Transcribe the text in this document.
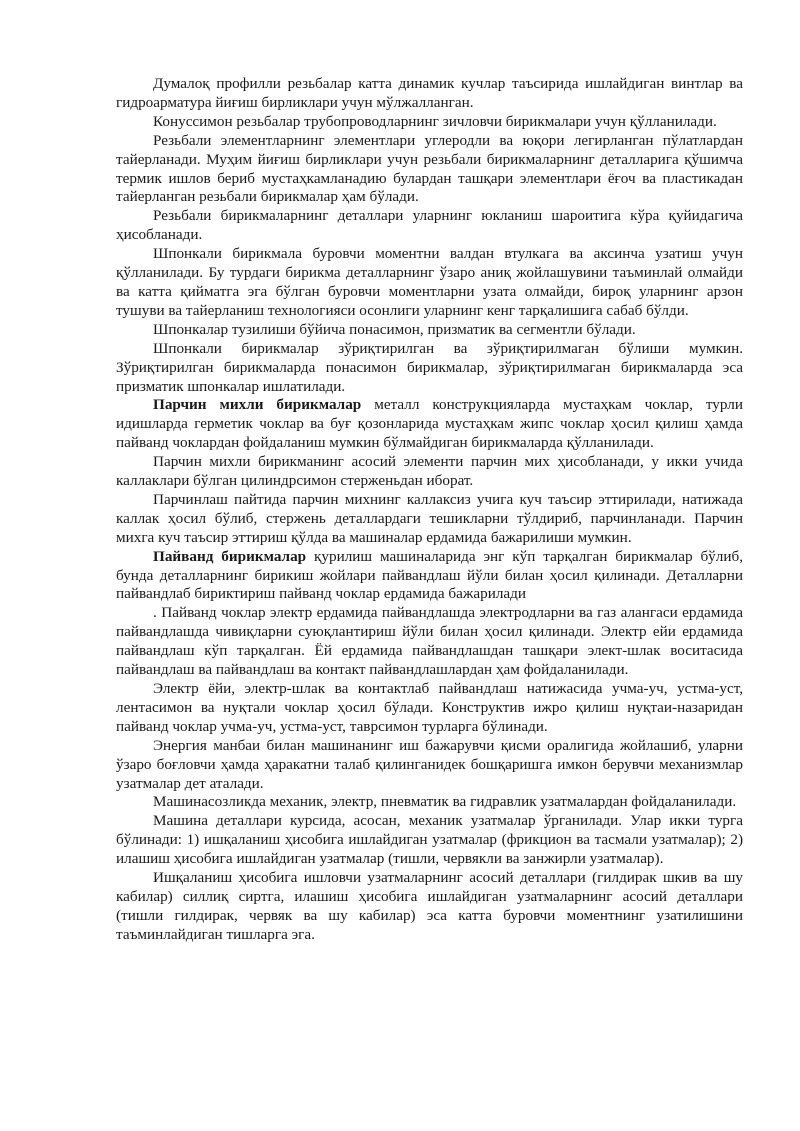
Думалоқ профилли резьбалар катта динамик кучлар таъсирида ишлайдиган винтлар ва гидроарматура йиғиш бирликлари учун мўлжалланган.

Конуссимон резьбалар трубопроводларнинг зичловчи бирикмалари учун қўлланилади.

Резьбали элементларнинг элементлари углеродли ва юқори легирланган пўлатлардан тайерланади. Муҳим йиғиш бирликлари учун резьбали бирикмаларнинг деталларига қўшимча термик ишлов бериб мустаҳкамланадию булардан ташқари элементлари ёғоч ва пластикадан тайерланган резьбали бирикмалар ҳам бўлади.

Резьбали бирикмаларнинг деталлари уларнинг юкланиш шароитига кўра қуйидагича ҳисобланади.

Шпонкали бирикмала буровчи моментни валдан втулкага ва аксинча узатиш учун қўлланилади. Бу турдаги бирикма деталларнинг ўзаро аниқ жойлашувини таъминлай олмайди ва катта қийматга эга бўлган буровчи моментларни узата олмайди, бироқ уларнинг арзон тушуви ва тайерланиш технологияси осонлиги уларнинг кенг тарқалишига сабаб бўлди.

Шпонкалар тузилиши бўйича понасимон, призматик ва сегментли бўлади.

Шпонкали бирикмалар зўриқтирилган ва зўриқтирилмаган бўлиши мумкин. Зўриқтирилган бирикмаларда понасимон бирикмалар, зўриқтирилмаган бирикмаларда эса призматик шпонкалар ишлатилади.

Парчин михли бирикмалар металл конструкцияларда мустаҳкам чоклар, турли идишларда герметик чоклар ва буғ қозонларида мустаҳкам жипс чоклар ҳосил қилиш ҳамда пайванд чоклардан фойдаланиш мумкин бўлмайдиган бирикмаларда қўлланилади.

Парчин михли бирикманинг асосий элементи парчин мих ҳисобланади, у икки учида каллаклари бўлган цилиндрсимон стерженьдан иборат.

Парчинлаш пайтида парчин михнинг каллаксиз учига куч таъсир эттирилади, натижада каллак ҳосил бўлиб, стержень деталлардаги тешикларни тўлдириб, парчинланади. Парчин михга куч таъсир эттириш қўлда ва машиналар ердамида бажарилиши мумкин.

Пайванд бирикмалар қурилиш машиналарида энг кўп тарқалган бирикмалар бўлиб, бунда деталларнинг бирикиш жойлари пайвандлаш йўли билан ҳосил қилинади. Деталларни пайвандлаб бириктириш пайванд чоклар ердамида бажарилади

. Пайванд чоклар электр ердамида пайвандлашда электродларни ва газ алангаси ердамида пайвандлашда чивиқларни суюқлантириш йўли билан ҳосил қилинади. Электр ейи ердамида пайвандлаш кўп тарқалган. Ёй ердамида пайвандлашдан ташқари элект-шлак воситасида пайвандлаш ва пайвандлаш ва контакт пайвандлашлардан ҳам фойдаланилади.

Электр ёйи, электр-шлак ва контактлаб пайвандлаш натижасида учма-уч, устма-уст, лентасимон ва нуқтали чоклар ҳосил бўлади. Конструктив ижро қилиш нуқтаи-назаридан пайванд чоклар учма-уч, устма-уст, таврсимон турларга бўлинади.

Энергия манбаи билан машинанинг иш бажарувчи қисми оралигида жойлашиб, уларни ўзаро боғловчи ҳамда ҳаракатни талаб қилинганидек бошқаришга имкон берувчи механизмлар узатмалар дет аталади.

Машинасозликда механик, электр, пневматик ва гидравлик узатмалардан фойдаланилади.

Машина деталлари курсида, асосан, механик узатмалар ўрганилади. Улар икки турга бўлинади: 1) ишқаланиш ҳисобига ишлайдиган узатмалар (фрикцион ва тасмали узатмалар); 2) илашиш ҳисобига ишлайдиган узатмалар (тишли, червякли ва занжирли узатмалар).

Ишқаланиш ҳисобига ишловчи узатмаларнинг асосий деталлари (гилдирак шкив ва шу кабилар) силлиқ сиртга, илашиш ҳисобига ишлайдиган узатмаларнинг асосий деталлари (тишли гилдирак, червяк ва шу кабилар) эса катта буровчи моментнинг узатилишини таъминлайдиган тишларга эга.
